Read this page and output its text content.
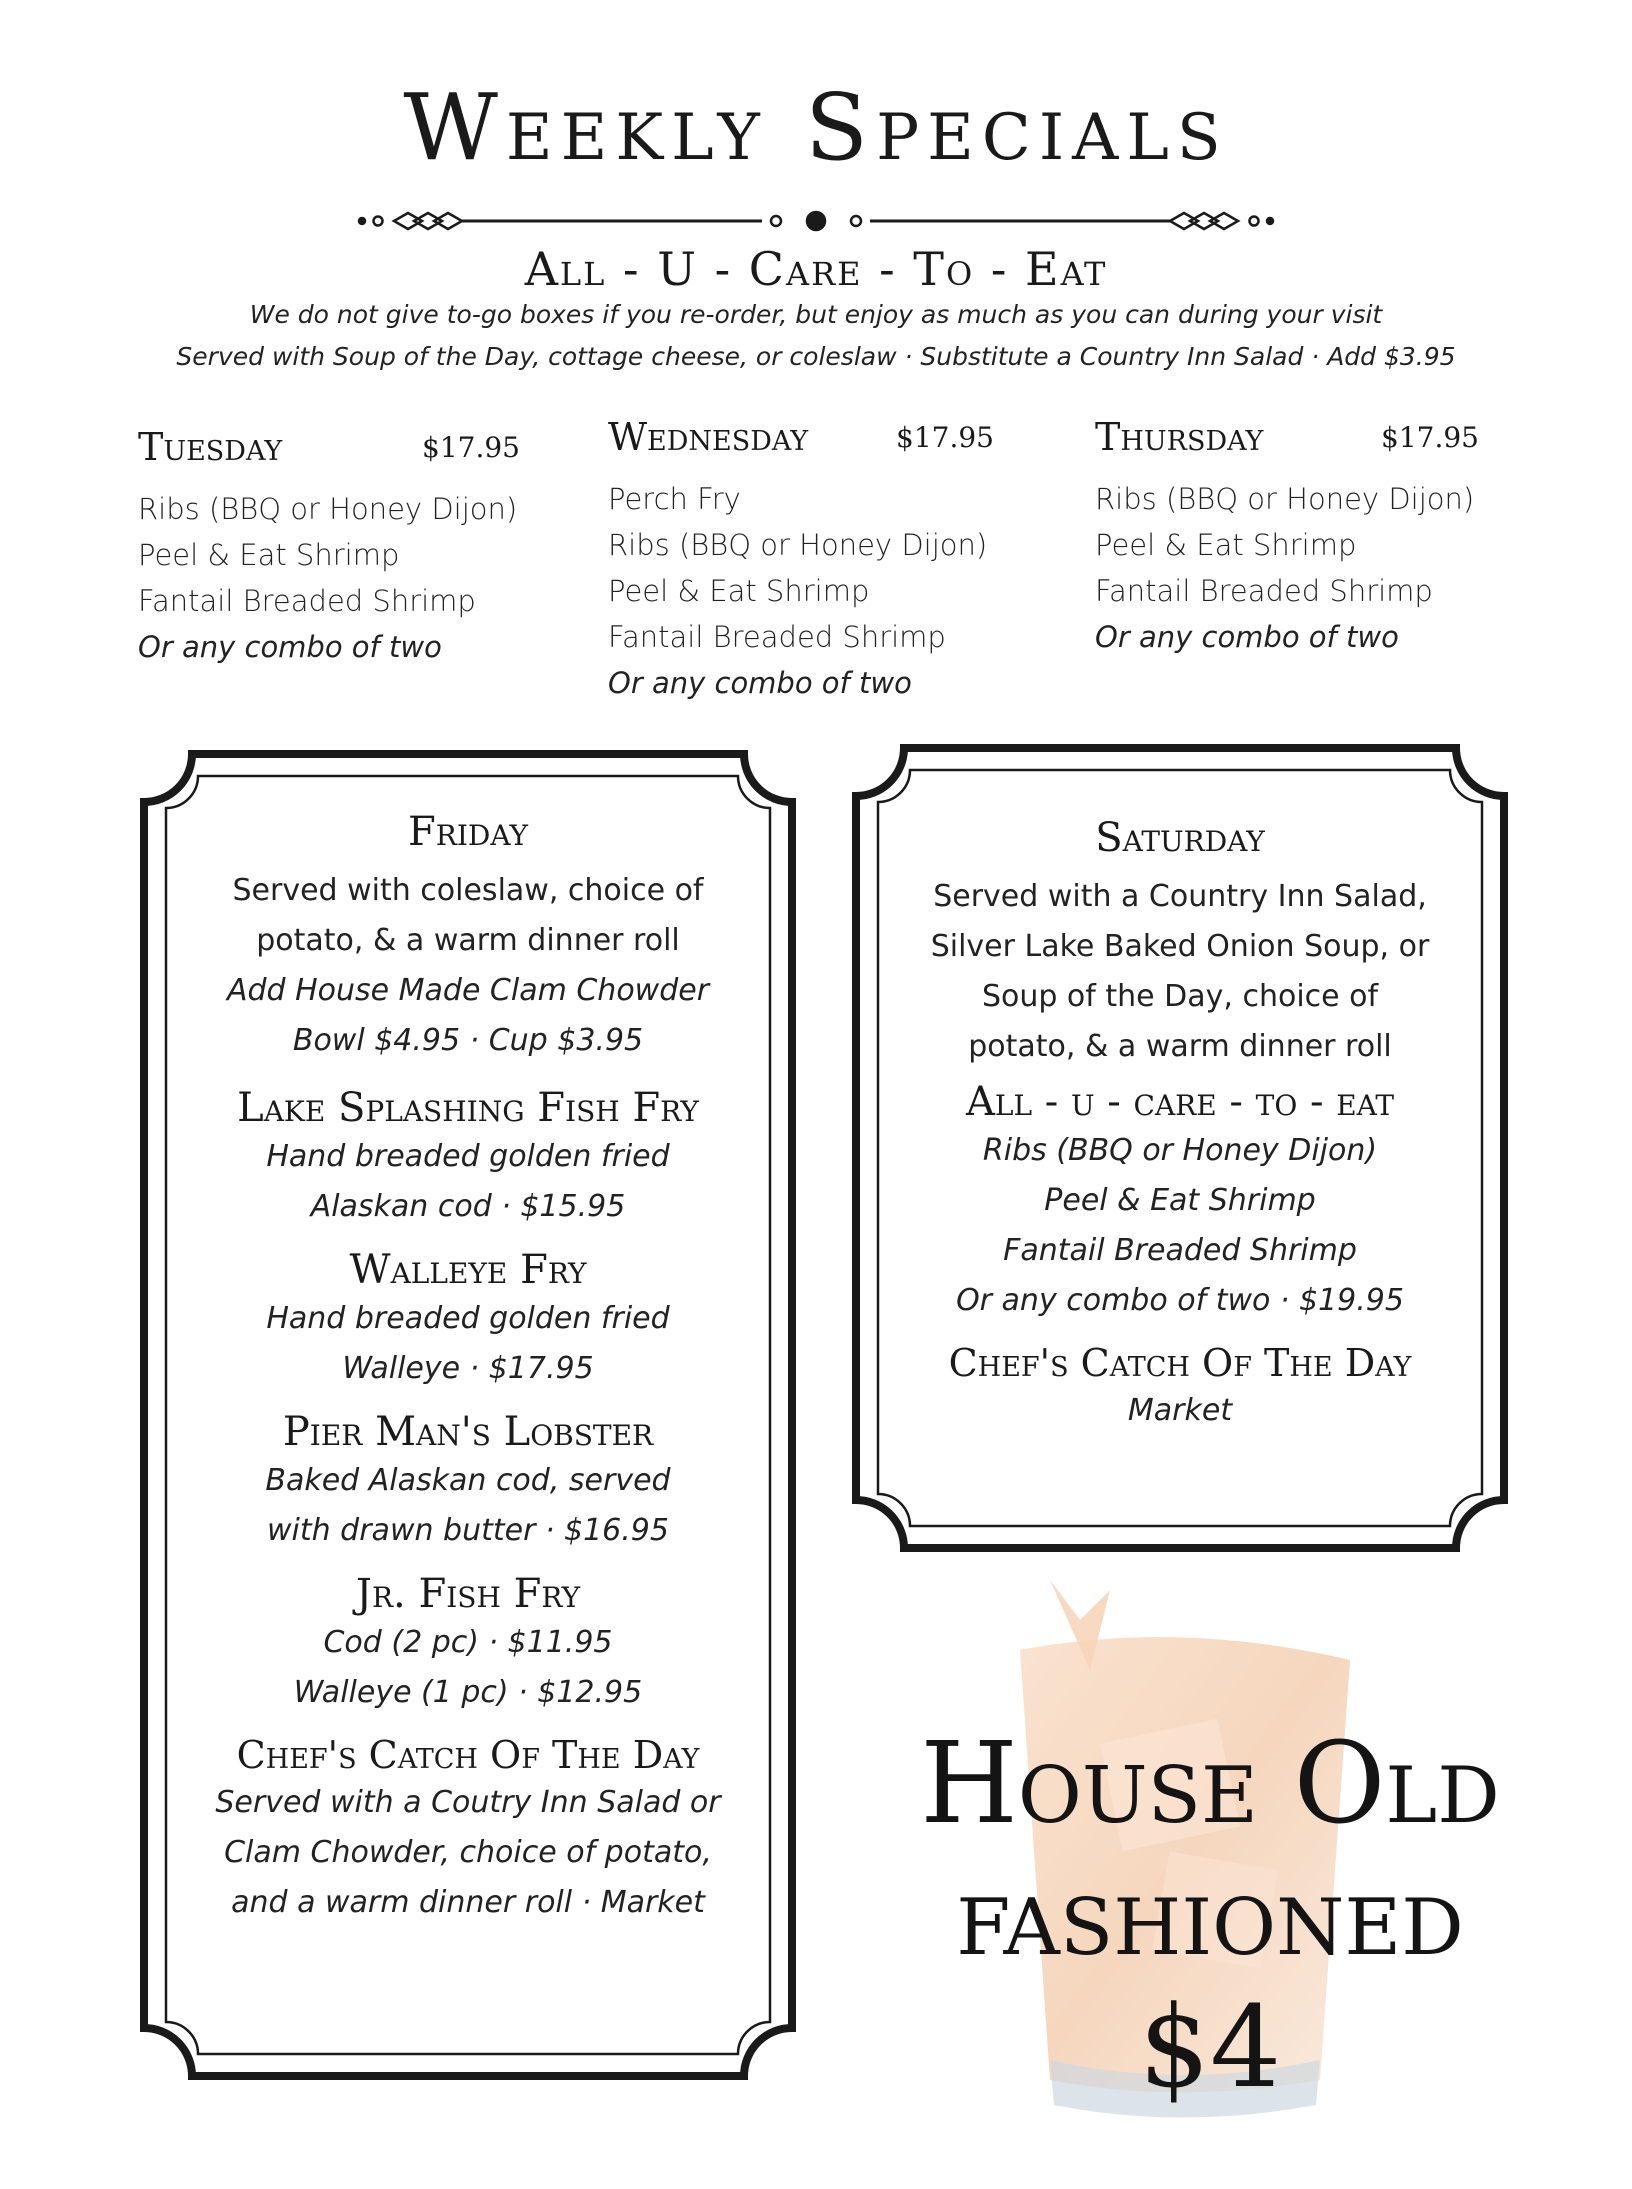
Weekly Specials
All - U - Care - To - Eat
We do not give to-go boxes if you re-order, but enjoy as much as you can during your visit
Served with Soup of the Day, cottage cheese, or coleslaw · Substitute a Country Inn Salad · Add $3.95
Tuesday	$17.95
Ribs (BBQ or Honey Dijon)
Peel & Eat Shrimp
Fantail Breaded Shrimp
Or any combo of two
Wednesday	$17.95
Perch Fry
Ribs (BBQ or Honey Dijon)
Peel & Eat Shrimp
Fantail Breaded Shrimp
Or any combo of two
Thursday	$17.95
Ribs (BBQ or Honey Dijon)
Peel & Eat Shrimp
Fantail Breaded Shrimp
Or any combo of two
Friday
Served with coleslaw, choice of
potato, & a warm dinner roll
Add House Made Clam Chowder
Bowl $4.95 · Cup $3.95
Lake Splashing Fish Fry
Hand breaded golden fried
Alaskan cod · $15.95
Walleye Fry
Hand breaded golden fried
Walleye · $17.95
Pier Man's Lobster
Baked Alaskan cod, served
with drawn butter · $16.95
Jr. Fish Fry
Cod (2 pc) · $11.95
Walleye (1 pc) · $12.95
Chef's Catch Of The Day
Served with a Coutry Inn Salad or
Clam Chowder, choice of potato,
and a warm dinner roll · Market
Saturday
Served with a Country Inn Salad,
Silver Lake Baked Onion Soup, or
Soup of the Day, choice of
potato, & a warm dinner roll
All - u - care - to - eat
Ribs (BBQ or Honey Dijon)
Peel & Eat Shrimp
Fantail Breaded Shrimp
Or any combo of two · $19.95
Chef's Catch Of The Day
Market
House Old
fashioned
$4
